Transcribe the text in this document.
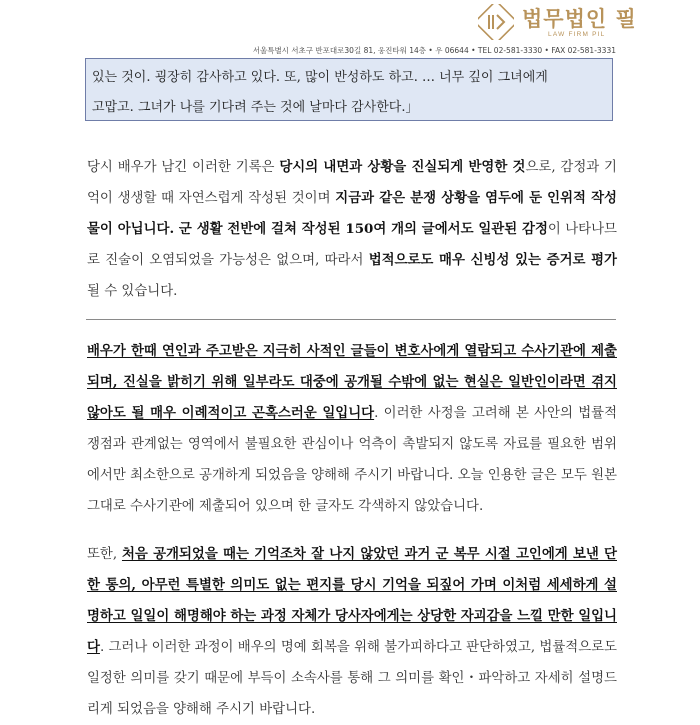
법무법인 필
LAW FIRM PIL
서울특별시 서초구 반포대로30길 81, 웅진타워 14층 • 우 06644 • TEL 02-581-3330 • FAX 02-581-3331
있는 것이. 굉장히 감사하고 있다. 또, 많이 반성하도 하고. … 너무 깊이 그녀에게
고맙고. 그녀가 나를 기다려 주는 것에 날마다 감사한다.」
당시 배우가 남긴 이러한 기록은 당시의 내면과 상황을 진실되게 반영한 것으로, 감정과 기억이 생생할 때 자연스럽게 작성된 것이며 지금과 같은 분쟁 상황을 염두에 둔 인위적 작성물이 아닙니다. 군 생활 전반에 걸쳐 작성된 150여 개의 글에서도 일관된 감정이 나타나므로 진술이 오염되었을 가능성은 없으며, 따라서 법적으로도 매우 신빙성 있는 증거로 평가될 수 있습니다.
배우가 한때 연인과 주고받은 지극히 사적인 글들이 변호사에게 열람되고 수사기관에 제출되며, 진실을 밝히기 위해 일부라도 대중에 공개될 수밖에 없는 현실은 일반인이라면 겪지 않아도 될 매우 이례적이고 곤혹스러운 일입니다. 이러한 사정을 고려해 본 사안의 법률적 쟁점과 관계없는 영역에서 불필요한 관심이나 억측이 촉발되지 않도록 자료를 필요한 범위에서만 최소한으로 공개하게 되었음을 양해해 주시기 바랍니다. 오늘 인용한 글은 모두 원본 그대로 수사기관에 제출되어 있으며 한 글자도 각색하지 않았습니다.
또한, 처음 공개되었을 때는 기억조차 잘 나지 않았던 과거 군 복무 시절 고인에게 보낸 단 한 통의, 아무런 특별한 의미도 없는 편지를 당시 기억을 되짚어 가며 이처럼 세세하게 설명하고 일일이 해명해야 하는 과정 자체가 당사자에게는 상당한 자괴감을 느낄 만한 일입니다. 그러나 이러한 과정이 배우의 명예 회복을 위해 불가피하다고 판단하였고, 법률적으로도 일정한 의미를 갖기 때문에 부득이 소속사를 통해 그 의미를 확인・파악하고 자세히 설명드리게 되었음을 양해해 주시기 바랍니다.
